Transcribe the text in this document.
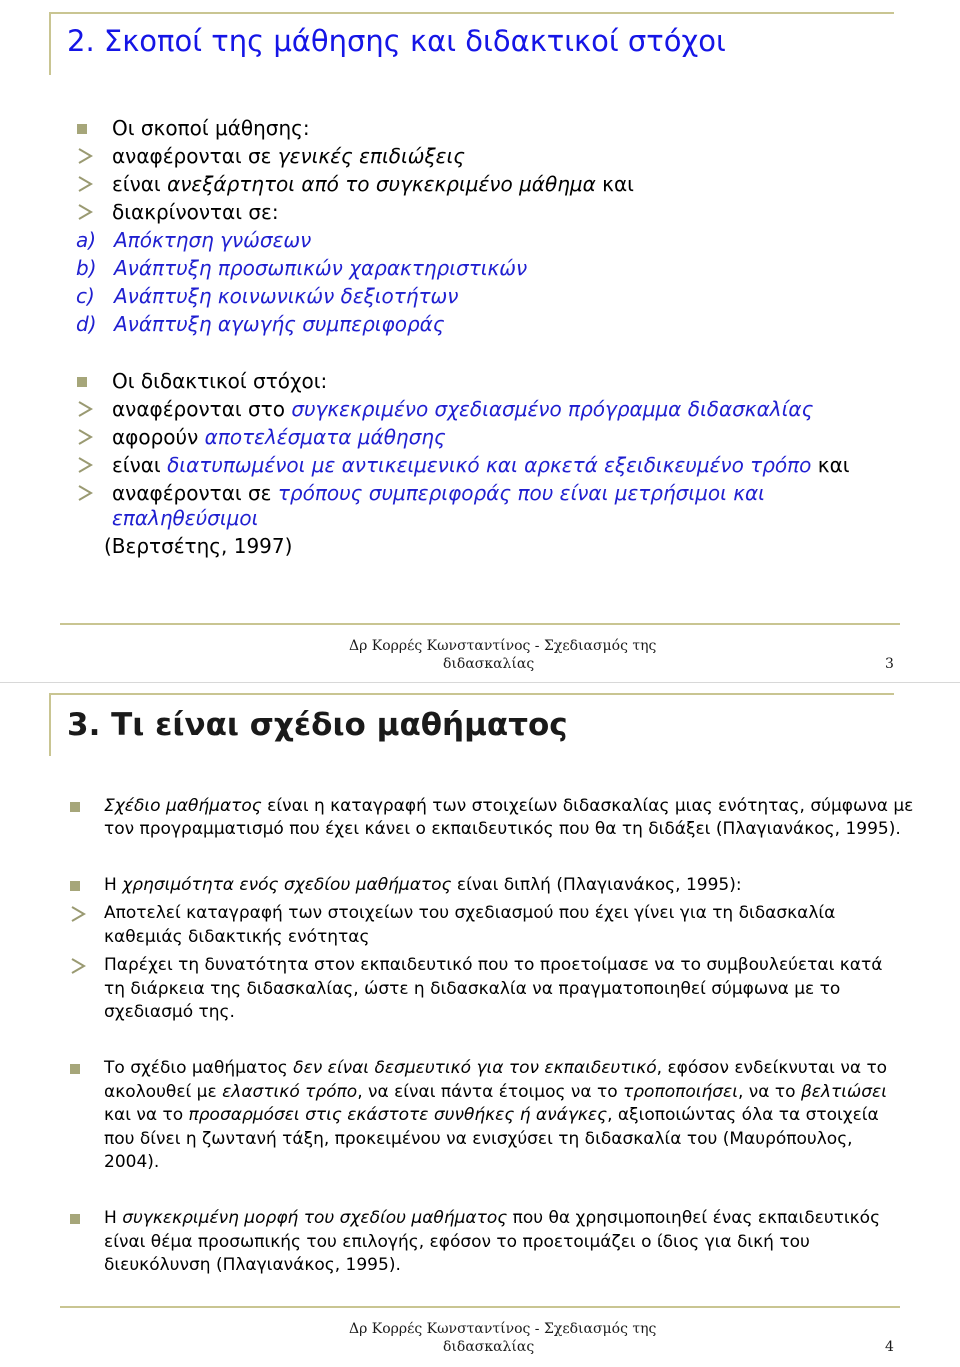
2. Σκοποί της μάθησης και διδακτικοί στόχοι
Οι σκοποί μάθησης:
αναφέρονται σε γενικές επιδιώξεις
είναι ανεξάρτητοι από το συγκεκριμένο μάθημα και
διακρίνονται σε:
a) Απόκτηση γνώσεων
b) Ανάπτυξη προσωπικών χαρακτηριστικών
c) Ανάπτυξη κοινωνικών δεξιοτήτων
d) Ανάπτυξη αγωγής συμπεριφοράς
Οι διδακτικοί στόχοι:
αναφέρονται στο συγκεκριμένο σχεδιασμένο πρόγραμμα διδασκαλίας
αφορούν αποτελέσματα μάθησης
είναι διατυπωμένοι με αντικειμενικό και αρκετά εξειδικευμένο τρόπο και
αναφέρονται σε τρόπους συμπεριφοράς που είναι μετρήσιμοι και
επαληθεύσιμοι
(Βερτσέτης, 1997)
Δρ Κορρές Κωνσταντίνος - Σχεδιασμός της
διδασκαλίας	3
3. Τι είναι σχέδιο μαθήματος
Σχέδιο μαθήματος είναι η καταγραφή των στοιχείων διδασκαλίας μιας ενότητας, σύμφωνα με
τον προγραμματισμό που έχει κάνει ο εκπαιδευτικός που θα τη διδάξει (Πλαγιανάκος, 1995).
Η χρησιμότητα ενός σχεδίου μαθήματος είναι διπλή (Πλαγιανάκος, 1995):
Αποτελεί καταγραφή των στοιχείων του σχεδιασμού που έχει γίνει για τη διδασκαλία
καθεμιάς διδακτικής ενότητας
Παρέχει τη δυνατότητα στον εκπαιδευτικό που το προετοίμασε να το συμβουλεύεται κατά
τη διάρκεια της διδασκαλίας, ώστε η διδασκαλία να πραγματοποιηθεί σύμφωνα με το
σχεδιασμό της.
Το σχέδιο μαθήματος δεν είναι δεσμευτικό για τον εκπαιδευτικό, εφόσον ενδείκνυται να το
ακολουθεί με ελαστικό τρόπο, να είναι πάντα έτοιμος να το τροποποιήσει, να το βελτιώσει
και να το προσαρμόσει στις εκάστοτε συνθήκες ή ανάγκες, αξιοποιώντας όλα τα στοιχεία
που δίνει η ζωντανή τάξη, προκειμένου να ενισχύσει τη διδασκαλία του (Μαυρόπουλος,
2004).
Η συγκεκριμένη μορφή του σχεδίου μαθήματος που θα χρησιμοποιηθεί ένας εκπαιδευτικός
είναι θέμα προσωπικής του επιλογής, εφόσον το προετοιμάζει ο ίδιος για δική του
διευκόλυνση (Πλαγιανάκος, 1995).
Δρ Κορρές Κωνσταντίνος - Σχεδιασμός της
διδασκαλίας	4
